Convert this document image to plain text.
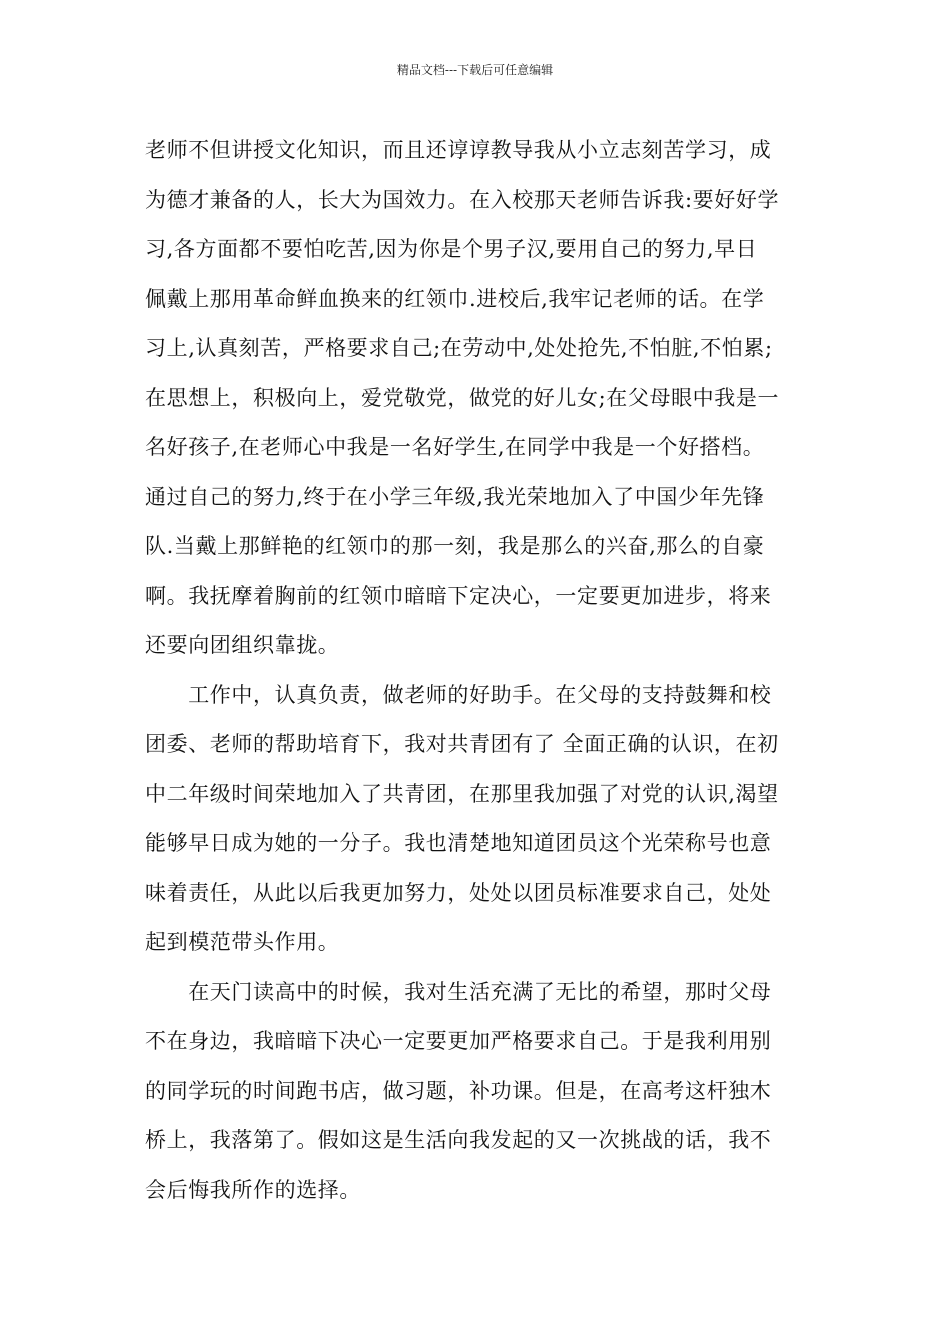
精品文档---下载后可任意编辑
老师不但讲授文化知识，而且还谆谆教导我从小立志刻苦学习，成
为德才兼备的人，长大为国效力。在入校那天老师告诉我:要好好学
习,各方面都不要怕吃苦,因为你是个男子汉,要用自己的努力,早日
佩戴上那用革命鲜血换来的红领巾.进校后,我牢记老师的话。在学
习上,认真刻苦，严格要求自己;在劳动中,处处抢先,不怕脏,不怕累;
在思想上，积极向上，爱党敬党，做党的好儿女;在父母眼中我是一
名好孩子,在老师心中我是一名好学生,在同学中我是一个好搭档。
通过自己的努力,终于在小学三年级,我光荣地加入了中国少年先锋
队.当戴上那鲜艳的红领巾的那一刻，我是那么的兴奋,那么的自豪
啊。我抚摩着胸前的红领巾暗暗下定决心，一定要更加进步，将来
还要向团组织靠拢。
　　工作中，认真负责，做老师的好助手。在父母的支持鼓舞和校
团委、老师的帮助培育下，我对共青团有了 全面正确的认识，在初
中二年级时间荣地加入了共青团，在那里我加强了对党的认识,渴望
能够早日成为她的一分子。我也清楚地知道团员这个光荣称号也意
味着责任，从此以后我更加努力，处处以团员标准要求自己，处处
起到模范带头作用。
　　在天门读高中的时候，我对生活充满了无比的希望，那时父母
不在身边，我暗暗下决心一定要更加严格要求自己。于是我利用别
的同学玩的时间跑书店，做习题，补功课。但是，在高考这杆独木
桥上，我落第了。假如这是生活向我发起的又一次挑战的话，我不
会后悔我所作的选择。
